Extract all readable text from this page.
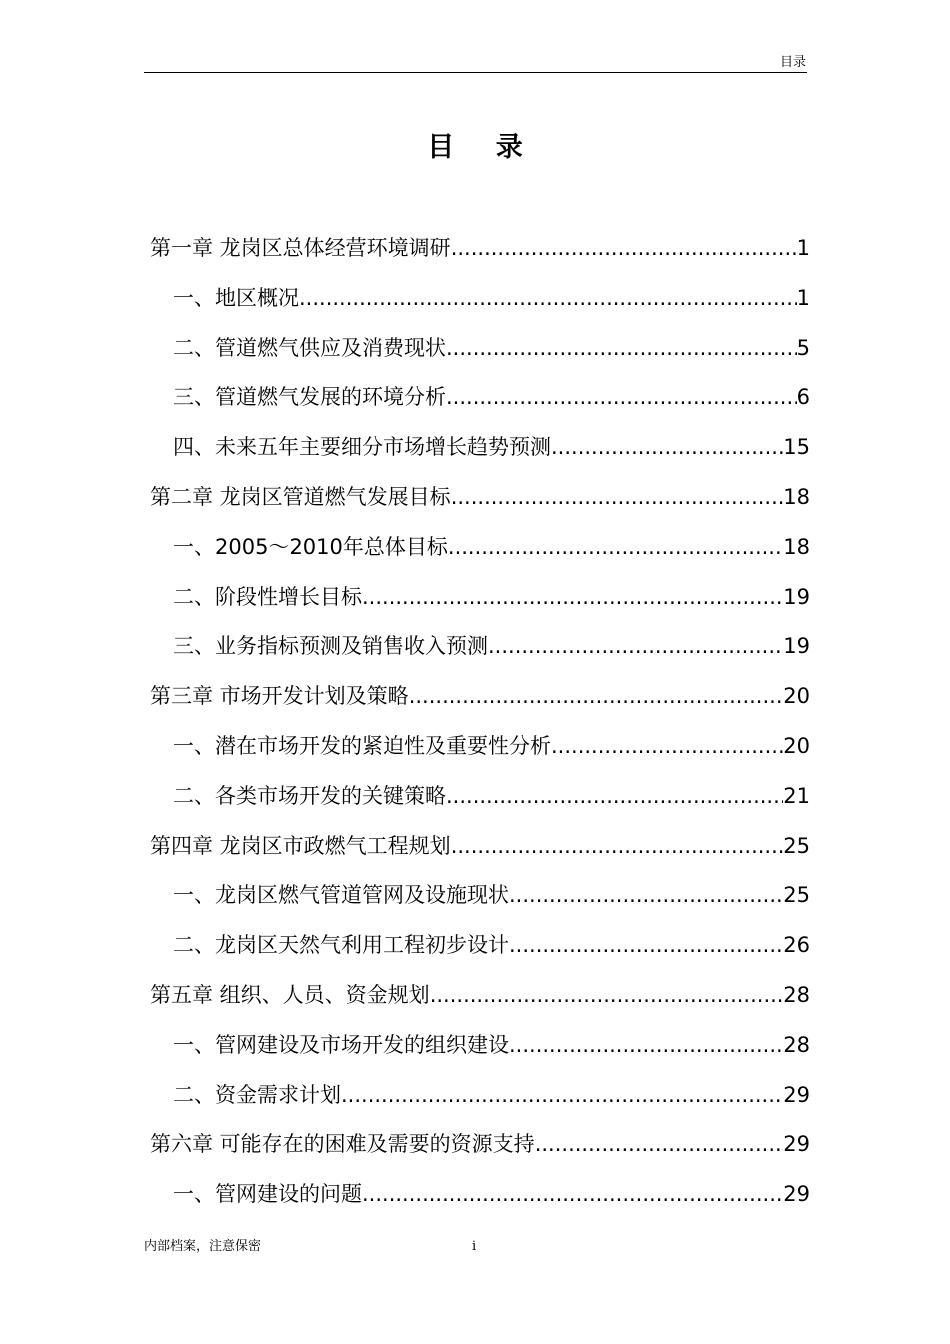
目录
目 录
第一章 龙岗区总体经营环境调研 .....	1
一、地区概况 .....	1
二、管道燃气供应及消费现状 .....	5
三、管道燃气发展的环境分析 .....	6
四、未来五年主要细分市场增长趋势预测 .....	15
第二章 龙岗区管道燃气发展目标 .....	18
一、2005～2010年总体目标 .....	18
二、阶段性增长目标 .....	19
三、业务指标预测及销售收入预测 .....	19
第三章 市场开发计划及策略 .....	20
一、潜在市场开发的紧迫性及重要性分析 .....	20
二、各类市场开发的关键策略 .....	21
第四章 龙岗区市政燃气工程规划 .....	25
一、龙岗区燃气管道管网及设施现状 .....	25
二、龙岗区天然气利用工程初步设计 .....	26
第五章 组织、人员、资金规划 .....	28
一、管网建设及市场开发的组织建设 .....	28
二、资金需求计划 .....	29
第六章 可能存在的困难及需要的资源支持 .....	29
一、管网建设的问题 .....	29
内部档案，注意保密	i
